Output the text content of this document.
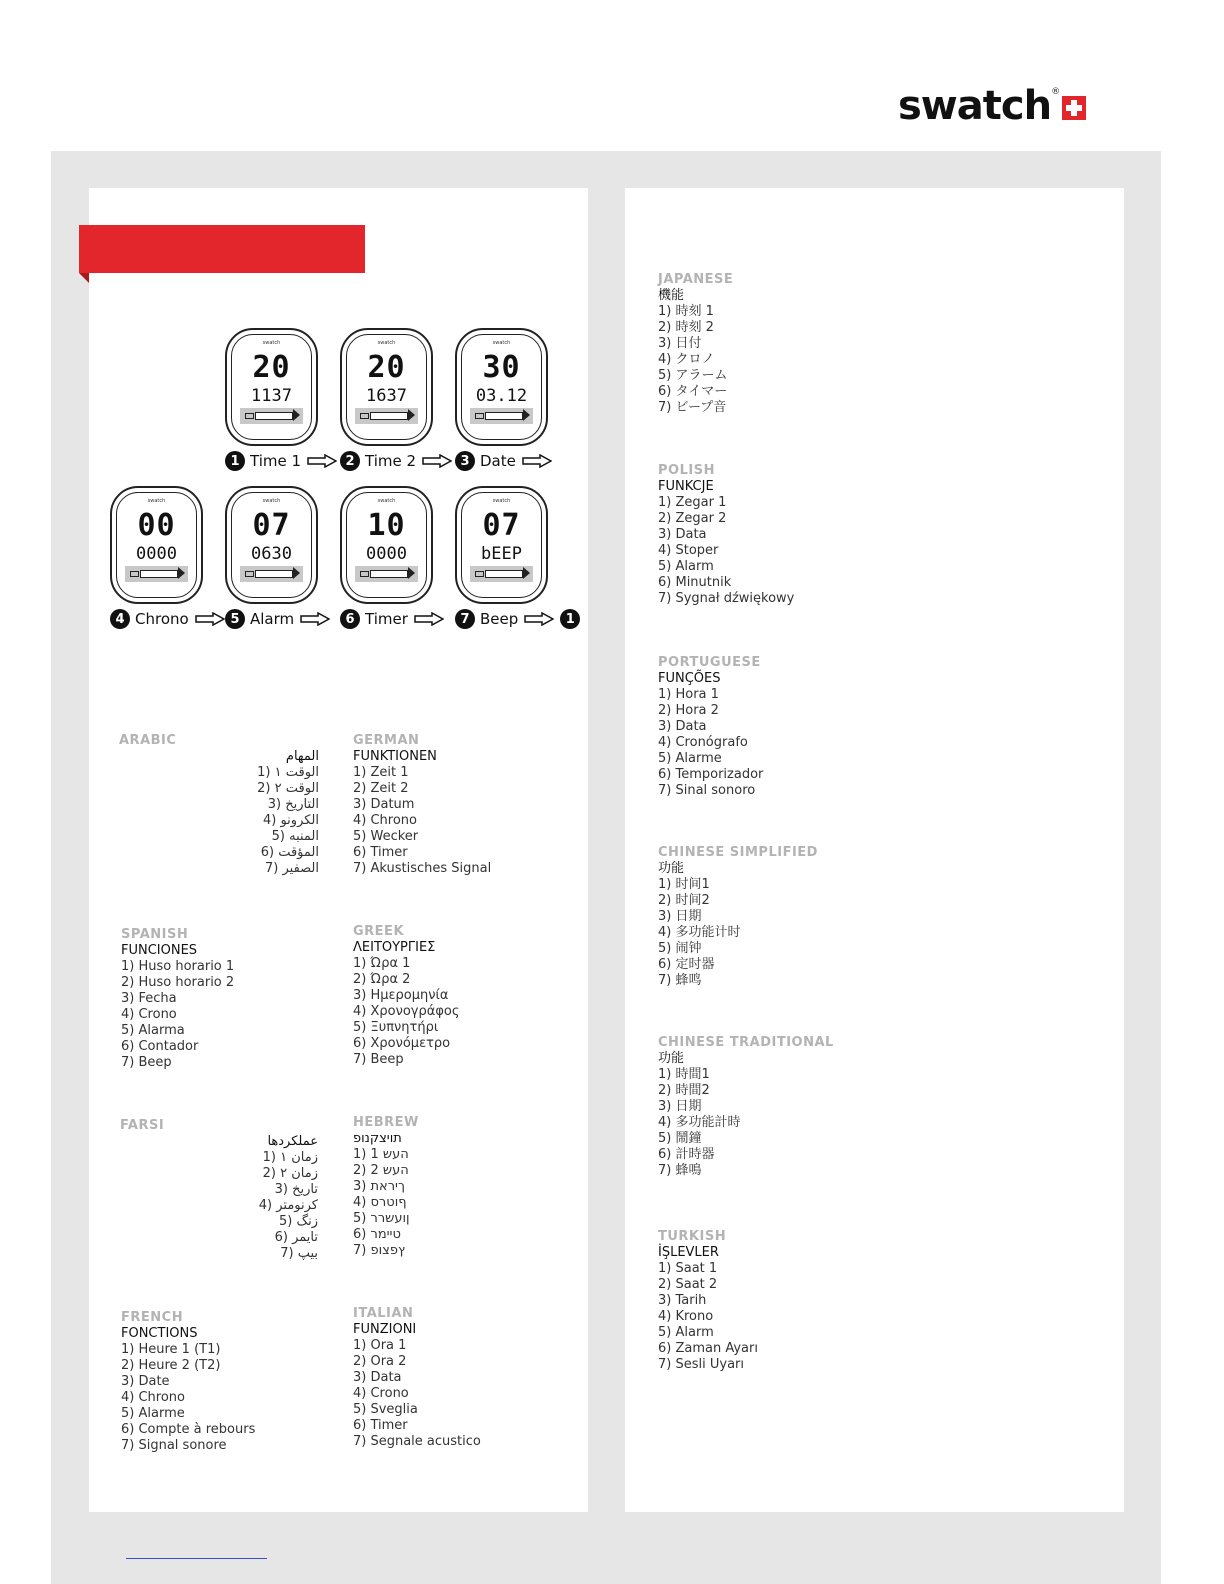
swatch ®
swatch
20
1137
swatch
20
1637
swatch
30
03.12
1 Time 1	2 Time 2	3 Date
swatch
00
0000
swatch
07
0630
swatch
10
0000
swatch
07
bEEP
4 Chrono	5 Alarm	6 Timer	7 Beep	1
ARABIC
المهام
1) الوقت ١
2) الوقت ٢
3) التاريخ
4) الكرونو
5) المنبه
6) المؤقت
7) الصفير
GERMAN
FUNKTIONEN
1) Zeit 1
2) Zeit 2
3) Datum
4) Chrono
5) Wecker
6) Timer
7) Akustisches Signal
SPANISH
FUNCIONES
1) Huso horario 1
2) Huso horario 2
3) Fecha
4) Crono
5) Alarma
6) Contador
7) Beep
GREEK
ΛΕΙΤΟΥΡΓΙΕΣ
1) Ώρα 1
2) Ώρα 2
3) Ημερομηνία
4) Χρονογράφος
5) Ξυπνητήρι
6) Χρονόμετρο
7) Beep
FARSI
عملکردها
1) زمان ۱
2) زمان ۲
3) تاریخ
4) کرنومتر
5) زنگ
6) تایمر
7) بیپ
HEBREW
תויצקנופ
1) העש 1
2) העש 2
3) ךיראת
4) ףוטרס
5) ןועשרר
6) טיימר
7) ץפצופ
FRENCH
FONCTIONS
1) Heure 1 (T1)
2) Heure 2 (T2)
3) Date
4) Chrono
5) Alarme
6) Compte à rebours
7) Signal sonore
ITALIAN
FUNZIONI
1) Ora 1
2) Ora 2
3) Data
4) Crono
5) Sveglia
6) Timer
7) Segnale acustico
JAPANESE
機能
1) 時刻 1
2) 時刻 2
3) 日付
4) クロノ
5) アラーム
6) タイマー
7) ビープ音
POLISH
FUNKCJE
1) Zegar 1
2) Zegar 2
3) Data
4) Stoper
5) Alarm
6) Minutnik
7) Sygnał dźwiękowy
PORTUGUESE
FUNÇÕES
1) Hora 1
2) Hora 2
3) Data
4) Cronógrafo
5) Alarme
6) Temporizador
7) Sinal sonoro
CHINESE SIMPLIFIED
功能
1) 时间1
2) 时间2
3) 日期
4) 多功能计时
5) 闹钟
6) 定时器
7) 蜂鸣
CHINESE TRADITIONAL
功能
1) 時間1
2) 時間2
3) 日期
4) 多功能計時
5) 鬧鐘
6) 計時器
7) 蜂鳴
TURKISH
İŞLEVLER
1) Saat 1
2) Saat 2
3) Tarih
4) Krono
5) Alarm
6) Zaman Ayarı
7) Sesli Uyarı
